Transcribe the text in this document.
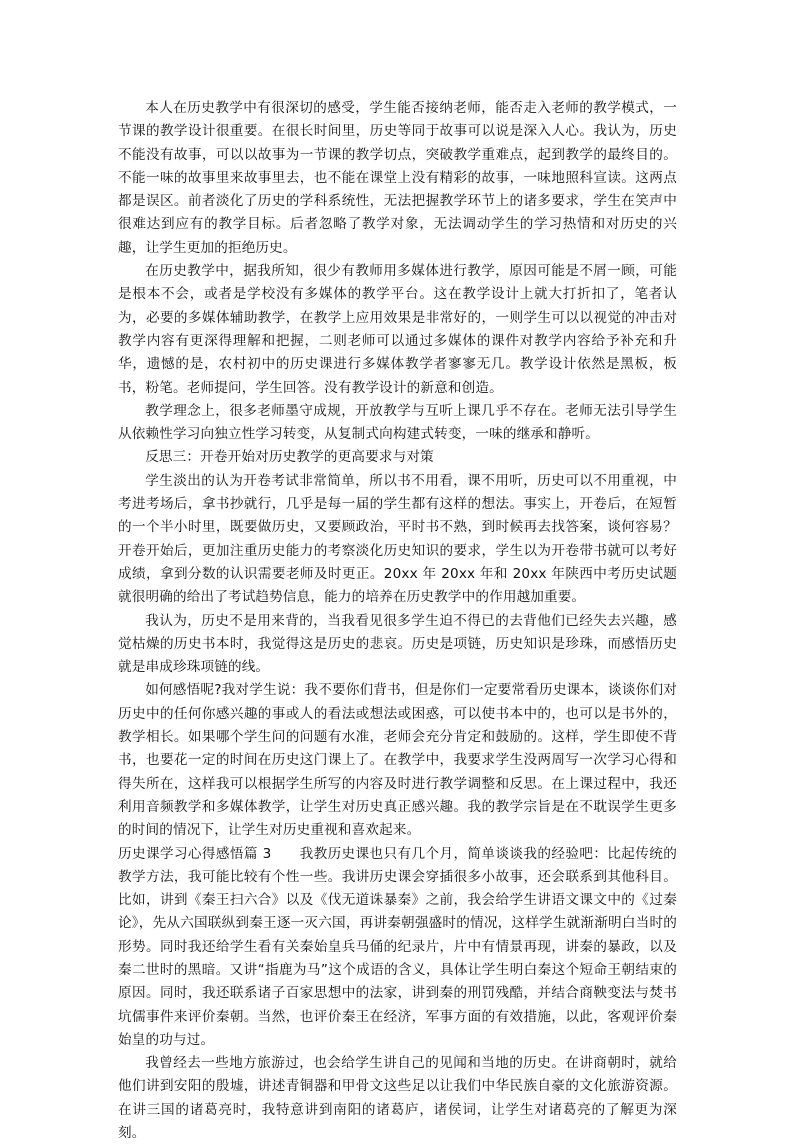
本人在历史教学中有很深切的感受，学生能否接纳老师，能否走入老师的教学模式，一节课的教学设计很重要。在很长时间里，历史等同于故事可以说是深入人心。我认为，历史不能没有故事，可以以故事为一节课的教学切点，突破教学重难点，起到教学的最终目的。不能一味的故事里来故事里去，也不能在课堂上没有精彩的故事，一味地照科宣读。这两点都是误区。前者淡化了历史的学科系统性，无法把握教学环节上的诸多要求，学生在笑声中很难达到应有的教学目标。后者忽略了教学对象，无法调动学生的学习热情和对历史的兴趣，让学生更加的拒绝历史。

在历史教学中，据我所知，很少有教师用多媒体进行教学，原因可能是不屑一顾，可能是根本不会，或者是学校没有多媒体的教学平台。这在教学设计上就大打折扣了，笔者认为，必要的多媒体辅助教学，在教学上应用效果是非常好的，一则学生可以以视觉的冲击对教学内容有更深得理解和把握，二则老师可以通过多媒体的课件对教学内容给予补充和升华，遗憾的是，农村初中的历史课进行多媒体教学者寥寥无几。教学设计依然是黑板，板书，粉笔。老师提问，学生回答。没有教学设计的新意和创造。

教学理念上，很多老师墨守成规，开放教学与互听上课几乎不存在。老师无法引导学生从依赖性学习向独立性学习转变，从复制式向构建式转变，一味的继承和静听。

反思三：开卷开始对历史教学的更高要求与对策

学生淡出的认为开卷考试非常简单，所以书不用看，课不用听，历史可以不用重视，中考进考场后，拿书抄就行，几乎是每一届的学生都有这样的想法。事实上，开卷后，在短暂的一个半小时里，既要做历史，又要顾政治，平时书不熟，到时候再去找答案，谈何容易？开卷开始后，更加注重历史能力的考察淡化历史知识的要求，学生以为开卷带书就可以考好成绩，拿到分数的认识需要老师及时更正。20xx 年 20xx 年和 20xx 年陕西中考历史试题就很明确的给出了考试趋势信息，能力的培养在历史教学中的作用越加重要。

我认为，历史不是用来背的，当我看见很多学生迫不得已的去背他们已经失去兴趣，感觉枯燥的历史书本时，我觉得这是历史的悲哀。历史是项链，历史知识是珍珠，而感悟历史就是串成珍珠项链的线。

如何感悟呢?我对学生说：我不要你们背书，但是你们一定要常看历史课本，谈谈你们对历史中的任何你感兴趣的事或人的看法或想法或困惑，可以使书本中的，也可以是书外的，教学相长。如果哪个学生问的问题有水准，老师会充分肯定和鼓励的。这样，学生即使不背书，也要花一定的时间在历史这门课上了。在教学中，我要求学生没两周写一次学习心得和得失所在，这样我可以根据学生所写的内容及时进行教学调整和反思。在上课过程中，我还利用音频教学和多媒体教学，让学生对历史真正感兴趣。我的教学宗旨是在不耽误学生更多的时间的情况下，让学生对历史重视和喜欢起来。

历史课学习心得感悟篇 3　　我教历史课也只有几个月，简单谈谈我的经验吧：比起传统的教学方法，我可能比较有个性一些。我讲历史课会穿插很多小故事，还会联系到其他科目。比如，讲到《秦王扫六合》以及《伐无道诛暴秦》之前，我会给学生讲语文课文中的《过秦论》，先从六国联纵到秦王逐一灭六国，再讲秦朝强盛时的情况，这样学生就渐渐明白当时的形势。同时我还给学生看有关秦始皇兵马俑的纪录片，片中有情景再现，讲秦的暴政，以及秦二世时的黑暗。又讲“指鹿为马”这个成语的含义，具体让学生明白秦这个短命王朝结束的原因。同时，我还联系诸子百家思想中的法家，讲到秦的刑罚残酷，并结合商鞅变法与焚书坑儒事件来评价秦朝。当然，也评价秦王在经济，军事方面的有效措施，以此，客观评价秦始皇的功与过。

我曾经去一些地方旅游过，也会给学生讲自己的见闻和当地的历史。在讲商朝时，就给他们讲到安阳的殷墟，讲述青铜器和甲骨文这些足以让我们中华民族自豪的文化旅游资源。在讲三国的诸葛亮时，我特意讲到南阳的诸葛庐，诸侯词，让学生对诸葛亮的了解更为深刻。
